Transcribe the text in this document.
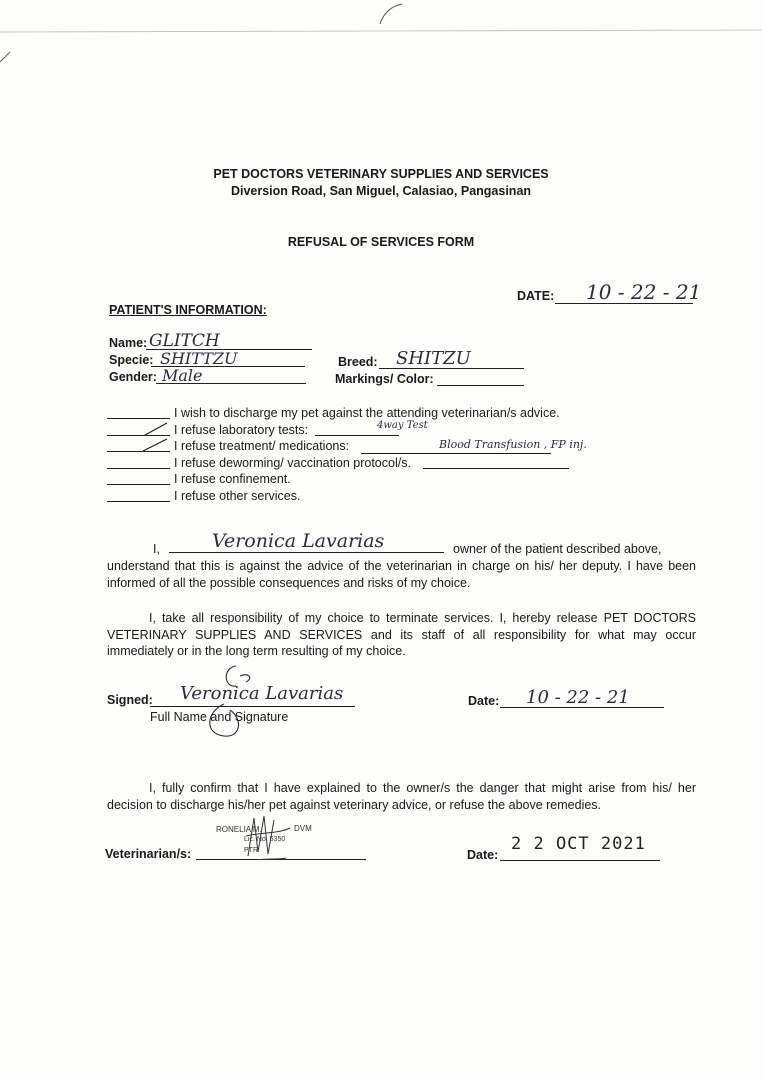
PET DOCTORS VETERINARY SUPPLIES AND SERVICES
Diversion Road, San Miguel, Calasiao, Pangasinan
REFUSAL OF SERVICES FORM
DATE: 10 - 22 - 21
PATIENT'S INFORMATION:
Name: GLITCH
Specie: SHITTZU
Gender: Male
Breed: SHITZU
Markings/ Color:
I wish to discharge my pet against the attending veterinarian/s advice.
I refuse laboratory tests:	4way Test
I refuse treatment/ medications:	Blood Transfusion , FP inj.
I refuse deworming/ vaccination protocol/s.
I refuse confinement.
I refuse other services.
I,	Veronica Lavarias	owner of the patient described above,
understand that this is against the advice of the veterinarian in charge on his/ her deputy. I have been informed of all the possible consequences and risks of my choice.
I, take all responsibility of my choice to terminate services. I, hereby release PET DOCTORS VETERINARY SUPPLIES AND SERVICES and its staff of all responsibility for what may occur immediately or in the long term resulting of my choice.
Signed: Veronica Lavarias
Full Name and Signature
Date: 10 - 22 - 21
I, fully confirm that I have explained to the owner/s the danger that might arise from his/ her decision to discharge his/her pet against veterinary advice, or refuse the above remedies.
Veterinarian/s:
RONELIA M.	DVM
Lic. No. 5350
PTR	Date:
2 2 OCT 2021
